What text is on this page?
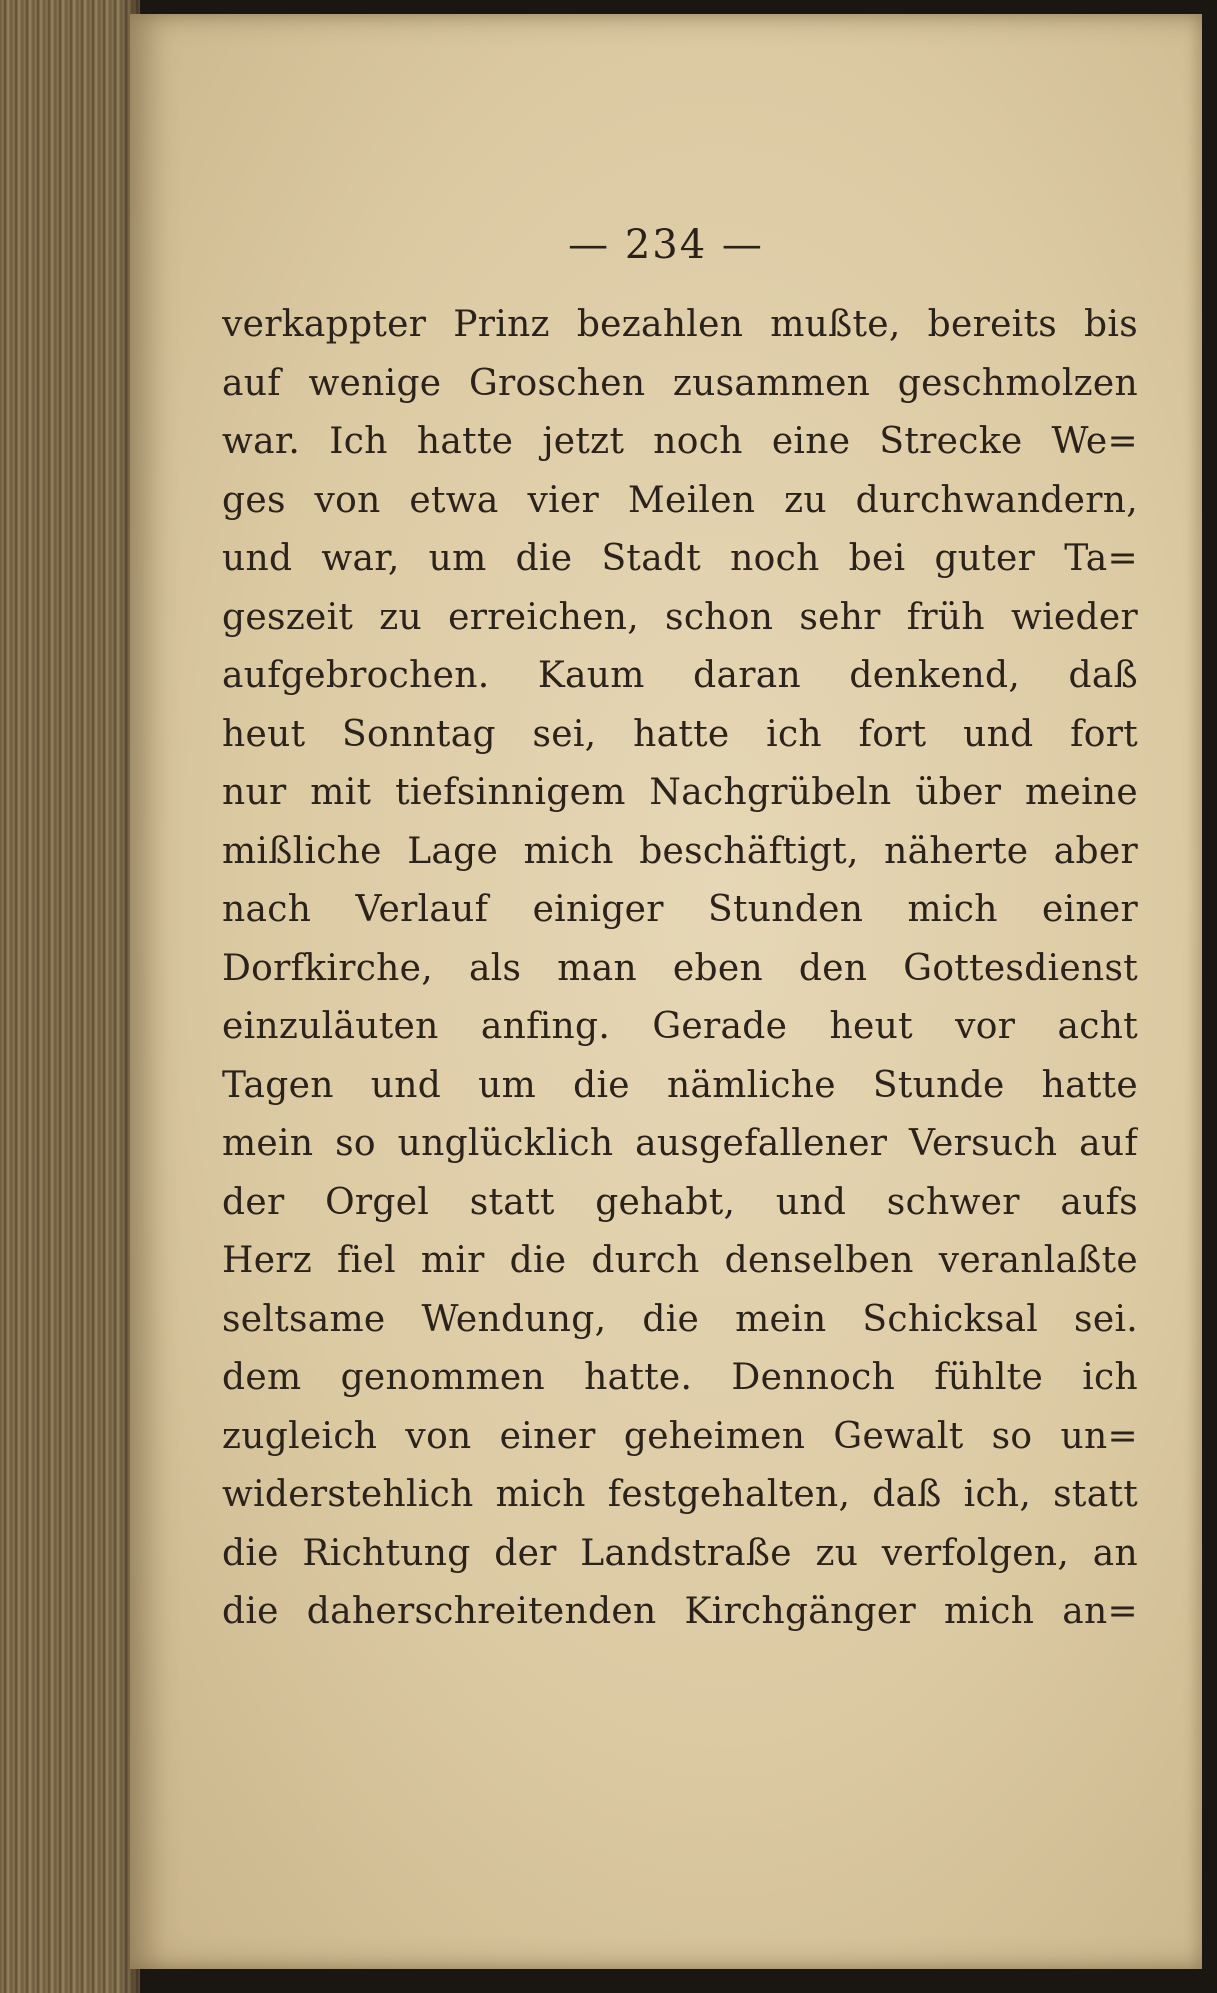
— 234 —
verkappter Prinz bezahlen mußte, bereits bis
auf wenige Groschen zusammen geschmolzen
war. Ich hatte jetzt noch eine Strecke We=
ges von etwa vier Meilen zu durchwandern,
und war, um die Stadt noch bei guter Ta=
geszeit zu erreichen, schon sehr früh wieder
aufgebrochen. Kaum daran denkend, daß
heut Sonntag sei, hatte ich fort und fort
nur mit tiefsinnigem Nachgrübeln über meine
mißliche Lage mich beschäftigt, näherte aber
nach Verlauf einiger Stunden mich einer
Dorfkirche, als man eben den Gottesdienst
einzuläuten anfing. Gerade heut vor acht
Tagen und um die nämliche Stunde hatte
mein so unglücklich ausgefallener Versuch auf
der Orgel statt gehabt, und schwer aufs
Herz fiel mir die durch denselben veranlaßte
seltsame Wendung, die mein Schicksal sei.
dem genommen hatte. Dennoch fühlte ich
zugleich von einer geheimen Gewalt so un=
widerstehlich mich festgehalten, daß ich, statt
die Richtung der Landstraße zu verfolgen, an
die daherschreitenden Kirchgänger mich an=
